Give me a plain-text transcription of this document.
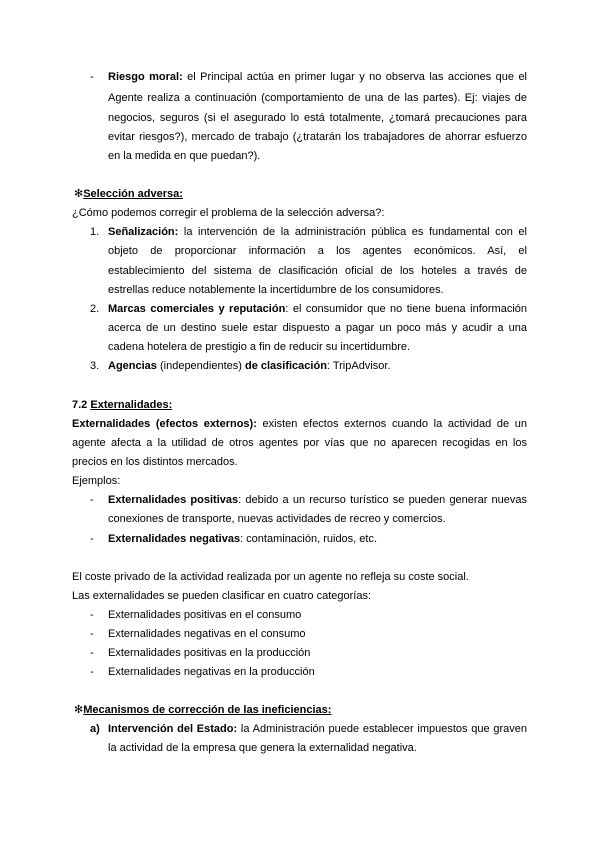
- Riesgo moral: el Principal actúa en primer lugar y no observa las acciones que el
Agente realiza a continuación (comportamiento de una de las partes). Ej: viajes de
negocios, seguros (si el asegurado lo está totalmente, ¿tomará precauciones para
evitar riesgos?), mercado de trabajo (¿tratarán los trabajadores de ahorrar esfuerzo
en la medida en que puedan?).
✻Selección adversa:
¿Cómo podemos corregir el problema de la selección adversa?:
1. Señalización: la intervención de la administración pública es fundamental con el
objeto de proporcionar información a los agentes económicos. Así, el
establecimiento del sistema de clasificación oficial de los hoteles a través de
estrellas reduce notablemente la incertidumbre de los consumidores.
2. Marcas comerciales y reputación: el consumidor que no tiene buena información
acerca de un destino suele estar dispuesto a pagar un poco más y acudir a una
cadena hotelera de prestigio a fin de reducir su incertidumbre.
3. Agencias (independientes) de clasificación: TripAdvisor.
7.2 Externalidades:
Externalidades (efectos externos): existen efectos externos cuando la actividad de un
agente afecta a la utilidad de otros agentes por vías que no aparecen recogidas en los
precios en los distintos mercados.
Ejemplos:
- Externalidades positivas: debido a un recurso turístico se pueden generar nuevas
conexiones de transporte, nuevas actividades de recreo y comercios.
- Externalidades negativas: contaminación, ruidos, etc.
El coste privado de la actividad realizada por un agente no refleja su coste social.
Las externalidades se pueden clasificar en cuatro categorías:
- Externalidades positivas en el consumo
- Externalidades negativas en el consumo
- Externalidades positivas en la producción
- Externalidades negativas en la producción
✻Mecanismos de corrección de las ineficiencias:
a) Intervención del Estado: la Administración puede establecer impuestos que graven
la actividad de la empresa que genera la externalidad negativa.
